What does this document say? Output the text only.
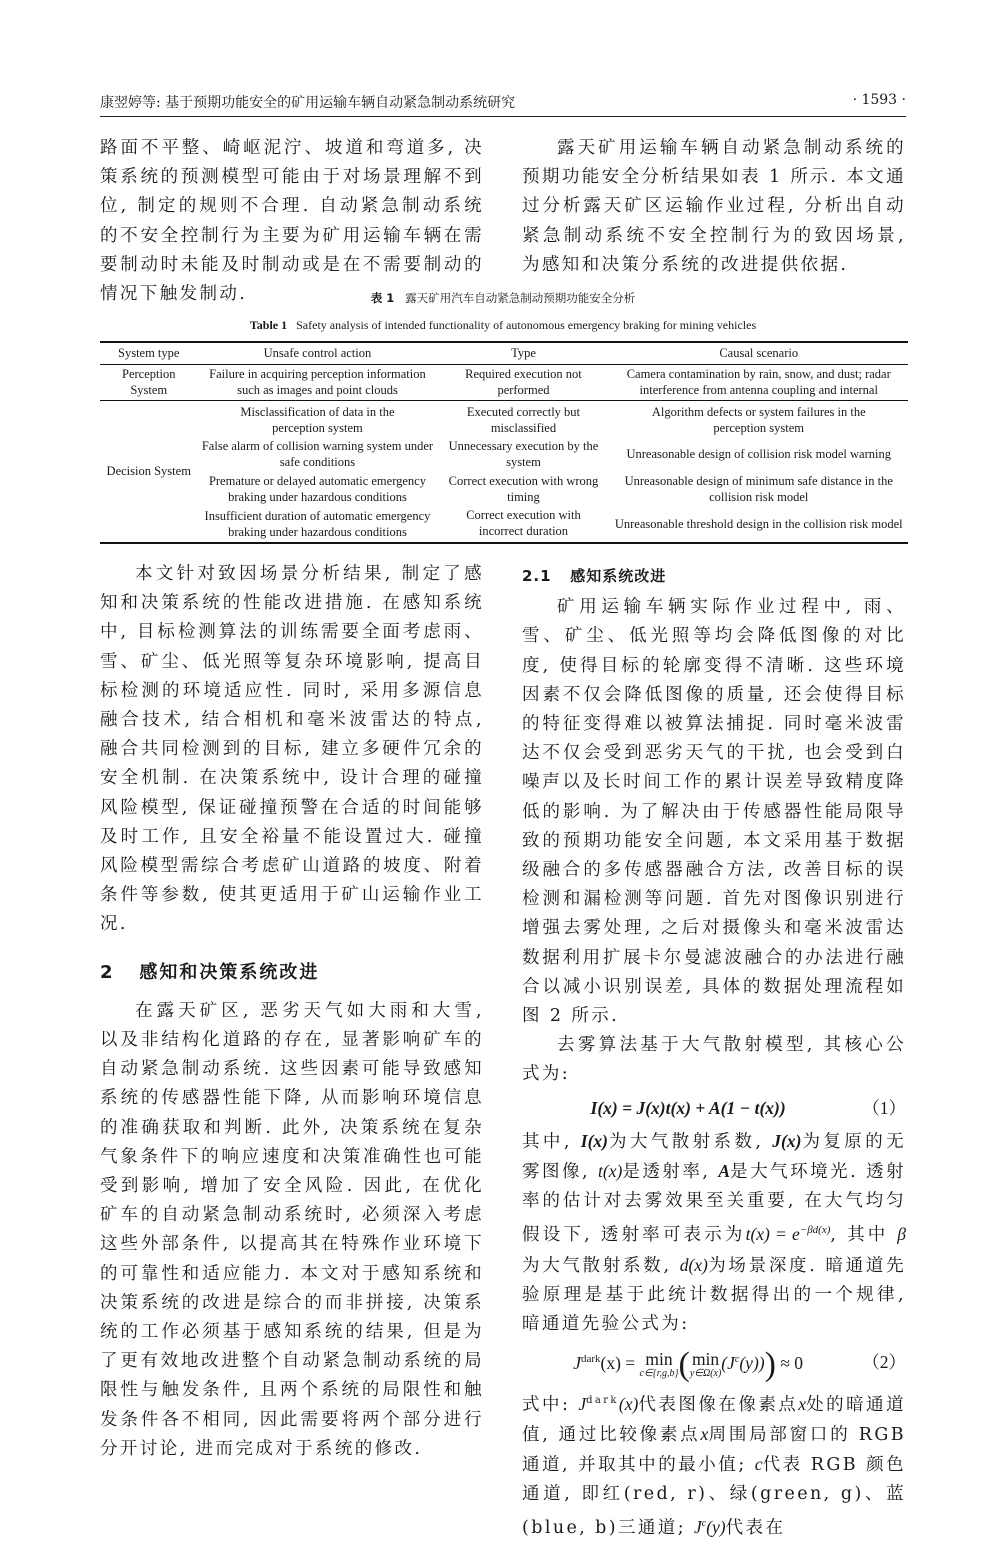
康翌婷等: 基于预期功能安全的矿用运输车辆自动紧急制动系统研究	· 1593 ·

路面不平整、崎岖泥泞、坡道和弯道多, 决策系统的预测模型可能由于对场景理解不到位, 制定的规则不合理. 自动紧急制动系统的不安全控制行为主要为矿用运输车辆在需要制动时未能及时制动或是在不需要制动的情况下触发制动.

露天矿用运输车辆自动紧急制动系统的预期功能安全分析结果如表 1 所示. 本文通过分析露天矿区运输作业过程, 分析出自动紧急制动系统不安全控制行为的致因场景, 为感知和决策分系统的改进提供依据.

表 1 露天矿用汽车自动紧急制动预期功能安全分析
Table 1 Safety analysis of intended functionality of autonomous emergency braking for mining vehicles
System type	Unsafe control action	Type	Causal scenario
Perception System	Failure in acquiring perception information such as images and point clouds	Required execution not performed	Camera contamination by rain, snow, and dust; radar interference from antenna coupling and internal
Decision System	Misclassification of data in the perception system	Executed correctly but misclassified	Algorithm defects or system failures in the perception system
	False alarm of collision warning system under safe conditions	Unnecessary execution by the system	Unreasonable design of collision risk model warning
	Premature or delayed automatic emergency braking under hazardous conditions	Correct execution with wrong timing	Unreasonable design of minimum safe distance in the collision risk model
	Insufficient duration of automatic emergency braking under hazardous conditions	Correct execution with incorrect duration	Unreasonable threshold design in the collision risk model

本文针对致因场景分析结果, 制定了感知和决策系统的性能改进措施. 在感知系统中, 目标检测算法的训练需要全面考虑雨、雪、矿尘、低光照等复杂环境影响, 提高目标检测的环境适应性. 同时, 采用多源信息融合技术, 结合相机和毫米波雷达的特点, 融合共同检测到的目标, 建立多硬件冗余的安全机制. 在决策系统中, 设计合理的碰撞风险模型, 保证碰撞预警在合适的时间能够及时工作, 且安全裕量不能设置过大. 碰撞风险模型需综合考虑矿山道路的坡度、附着条件等参数, 使其更适用于矿山运输作业工况.

2 感知和决策系统改进

在露天矿区, 恶劣天气如大雨和大雪, 以及非结构化道路的存在, 显著影响矿车的自动紧急制动系统. 这些因素可能导致感知系统的传感器性能下降, 从而影响环境信息的准确获取和判断. 此外, 决策系统在复杂气象条件下的响应速度和决策准确性也可能受到影响, 增加了安全风险. 因此, 在优化矿车的自动紧急制动系统时, 必须深入考虑这些外部条件, 以提高其在特殊作业环境下的可靠性和适应能力. 本文对于感知系统和决策系统的改进是综合的而非拼接, 决策系统的工作必须基于感知系统的结果, 但是为了更有效地改进整个自动紧急制动系统的局限性与触发条件, 且两个系统的局限性和触发条件各不相同, 因此需要将两个部分进行分开讨论, 进而完成对于系统的修改.

2.1 感知系统改进

矿用运输车辆实际作业过程中, 雨、雪、矿尘、低光照等均会降低图像的对比度, 使得目标的轮廓变得不清晰. 这些环境因素不仅会降低图像的质量, 还会使得目标的特征变得难以被算法捕捉. 同时毫米波雷达不仅会受到恶劣天气的干扰, 也会受到白噪声以及长时间工作的累计误差导致精度降低的影响. 为了解决由于传感器性能局限导致的预期功能安全问题, 本文采用基于数据级融合的多传感器融合方法, 改善目标的误检测和漏检测等问题. 首先对图像识别进行增强去雾处理, 之后对摄像头和毫米波雷达数据利用扩展卡尔曼滤波融合的办法进行融合以减小识别误差, 具体的数据处理流程如图 2 所示.

去雾算法基于大气散射模型, 其核心公式为:

I(x) = J(x)t(x) + A(1 − t(x))	（1）

其中, I(x)为大气散射系数, J(x)为复原的无雾图像, t(x)是透射率, A是大气环境光. 透射率的估计对去雾效果至关重要, 在大气均匀假设下, 透射率可表示为$t(x) = e^{-\beta d(x)}$, 其中 β为大气散射系数, d(x)为场景深度. 暗通道先验原理是基于此统计数据得出的一个规律, 暗通道先验公式为:

$J^{dark}(x) = \min$
c∈{r,g,b} ( min
y∈Ω(x)
$(J^c(y))) \approx 0$	（2）

式中: $J^{dark}(x)$代表图像在像素点x处的暗通道值, 通过比较像素点x周围局部窗口的 RGB 通道, 并取其中的最小值; c代表 RGB 颜色通道, 即红(red, r)、绿(green, g)、蓝(blue, b)三通道; $J^c(y)$代表在
